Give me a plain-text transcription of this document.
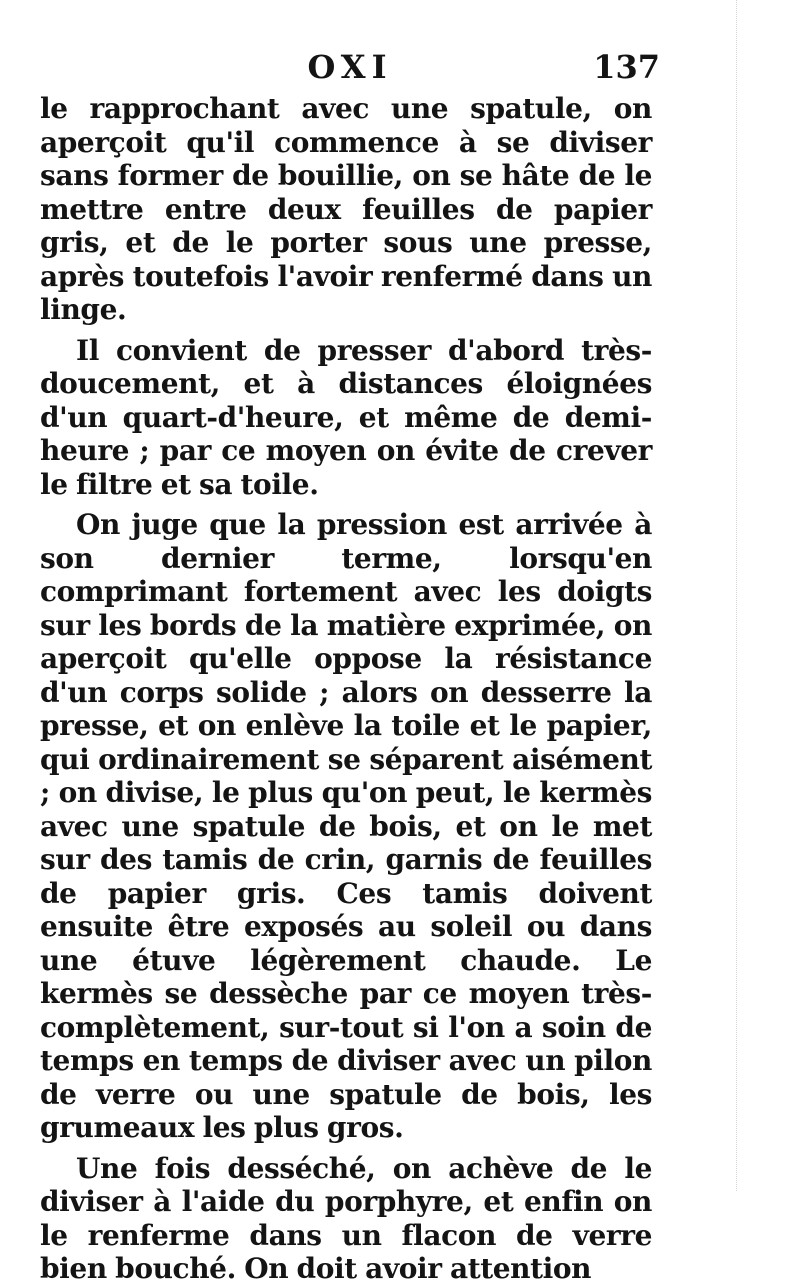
OXI	137

le rapprochant avec une spatule, on aperçoit qu'il commence à se diviser sans former de bouillie, on se hâte de le mettre entre deux feuilles de papier gris, et de le porter sous une presse, après toutefois l'avoir renfermé dans un linge.

Il convient de presser d'abord très-doucement, et à distances éloignées d'un quart-d'heure, et même de demi-heure ; par ce moyen on évite de crever le filtre et sa toile.

On juge que la pression est arrivée à son dernier terme, lorsqu'en comprimant fortement avec les doigts sur les bords de la matière exprimée, on aperçoit qu'elle oppose la résistance d'un corps solide ; alors on desserre la presse, et on enlève la toile et le papier, qui ordinairement se séparent aisément ; on divise, le plus qu'on peut, le kermès avec une spatule de bois, et on le met sur des tamis de crin, garnis de feuilles de papier gris. Ces tamis doivent ensuite être exposés au soleil ou dans une étuve légèrement chaude. Le kermès se dessèche par ce moyen très-complètement, sur-tout si l'on a soin de temps en temps de diviser avec un pilon de verre ou une spatule de bois, les grumeaux les plus gros.

Une fois desséché, on achève de le diviser à l'aide du porphyre, et enfin on le renferme dans un flacon de verre bien bouché. On doit avoir attention
